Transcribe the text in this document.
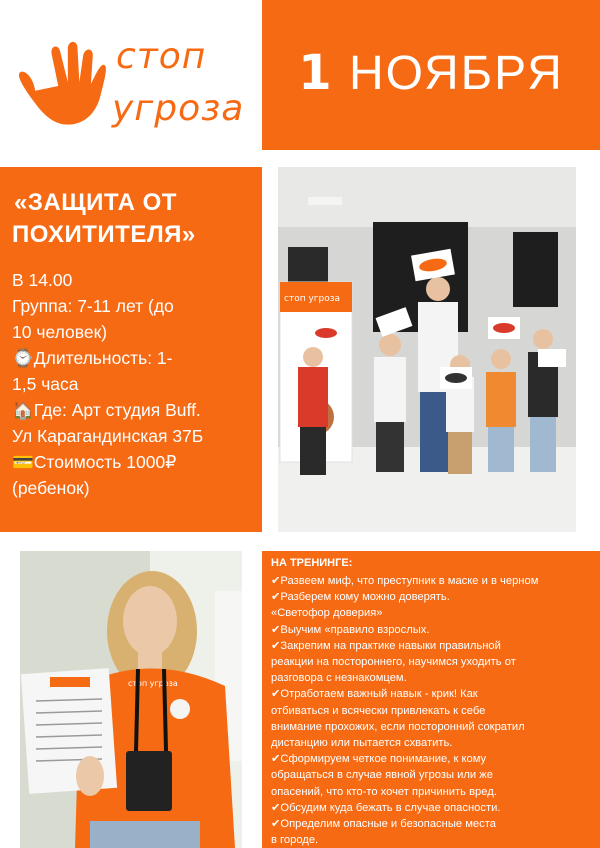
стоп
угроза
1 НОЯБРЯ
«ЗАЩИТА ОТ
ПОХИТИТЕЛЯ»
В 14.00
Группа: 7-11 лет (до
10 человек)
⌚Длительность: 1-
1,5 часа
🏠Где: Арт студия Buff.
Ул Карагандинская 37Б
💳Стоимость 1000₽
(ребенок)
стоп угроза
стоп угроза
НА ТРЕНИНГЕ:
✔Развеем миф, что преступник в маске и в черном
✔Разберем кому можно доверять.
«Светофор доверия»
✔Выучим «правило взрослых.
✔Закрепим на практике навыки правильной
реакции на постороннего, научимся уходить от
разговора с незнакомцем.
✔Отработаем важный навык - крик! Как
отбиваться и всячески привлекать к себе
внимание прохожих, если посторонний сократил
дистанцию или пытается схватить.
✔Сформируем четкое понимание, к кому
обращаться в случае явной угрозы или же
опасений, что кто-то хочет причинить вред.
✔Обсудим куда бежать в случае опасности.
✔Определим опасные и безопасные места
в городе.
